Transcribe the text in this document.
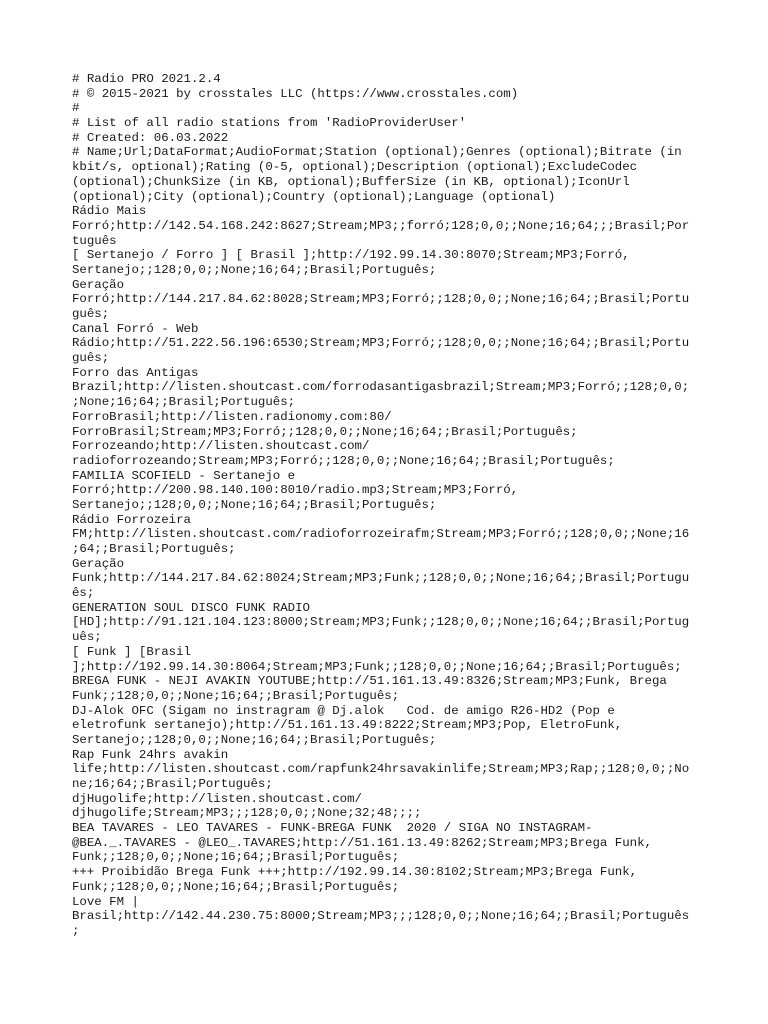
# Radio PRO 2021.2.4
# © 2015-2021 by crosstales LLC (https://www.crosstales.com)
#
# List of all radio stations from 'RadioProviderUser'
# Created: 06.03.2022
# Name;Url;DataFormat;AudioFormat;Station (optional);Genres (optional);Bitrate (in
kbit/s, optional);Rating (0-5, optional);Description (optional);ExcludeCodec
(optional);ChunkSize (in KB, optional);BufferSize (in KB, optional);IconUrl
(optional);City (optional);Country (optional);Language (optional)
Rádio Mais
Forró;http://142.54.168.242:8627;Stream;MP3;;forró;128;0,0;;None;16;64;;;Brasil;Por
tuguês
[ Sertanejo / Forro ] [ Brasil ];http://192.99.14.30:8070;Stream;MP3;Forró,
Sertanejo;;128;0,0;;None;16;64;;Brasil;Português;
Geração
Forró;http://144.217.84.62:8028;Stream;MP3;Forró;;128;0,0;;None;16;64;;Brasil;Portu
guês;
Canal Forró - Web
Rádio;http://51.222.56.196:6530;Stream;MP3;Forró;;128;0,0;;None;16;64;;Brasil;Portu
guês;
Forro das Antigas
Brazil;http://listen.shoutcast.com/forrodasantigasbrazil;Stream;MP3;Forró;;128;0,0;
;None;16;64;;Brasil;Português;
ForroBrasil;http://listen.radionomy.com:80/
ForroBrasil;Stream;MP3;Forró;;128;0,0;;None;16;64;;Brasil;Português;
Forrozeando;http://listen.shoutcast.com/
radioforrozeando;Stream;MP3;Forró;;128;0,0;;None;16;64;;Brasil;Português;
FAMILIA SCOFIELD - Sertanejo e
Forró;http://200.98.140.100:8010/radio.mp3;Stream;MP3;Forró,
Sertanejo;;128;0,0;;None;16;64;;Brasil;Português;
Rádio Forrozeira
FM;http://listen.shoutcast.com/radioforrozeirafm;Stream;MP3;Forró;;128;0,0;;None;16
;64;;Brasil;Português;
Geração
Funk;http://144.217.84.62:8024;Stream;MP3;Funk;;128;0,0;;None;16;64;;Brasil;Portugu
ês;
GENERATION SOUL DISCO FUNK RADIO
[HD];http://91.121.104.123:8000;Stream;MP3;Funk;;128;0,0;;None;16;64;;Brasil;Portug
uês;
[ Funk ] [Brasil
];http://192.99.14.30:8064;Stream;MP3;Funk;;128;0,0;;None;16;64;;Brasil;Português;
BREGA FUNK - NEJI AVAKIN YOUTUBE;http://51.161.13.49:8326;Stream;MP3;Funk, Brega
Funk;;128;0,0;;None;16;64;;Brasil;Português;
DJ-Alok OFC (Sigam no instragram @ Dj.alok   Cod. de amigo R26-HD2 (Pop e
eletrofunk sertanejo);http://51.161.13.49:8222;Stream;MP3;Pop, EletroFunk,
Sertanejo;;128;0,0;;None;16;64;;Brasil;Português;
Rap Funk 24hrs avakin
life;http://listen.shoutcast.com/rapfunk24hrsavakinlife;Stream;MP3;Rap;;128;0,0;;No
ne;16;64;;Brasil;Português;
djHugolife;http://listen.shoutcast.com/
djhugolife;Stream;MP3;;;128;0,0;;None;32;48;;;;
BEA TAVARES - LEO TAVARES - FUNK-BREGA FUNK  2020 / SIGA NO INSTAGRAM-
@BEA._.TAVARES - @LEO_.TAVARES;http://51.161.13.49:8262;Stream;MP3;Brega Funk,
Funk;;128;0,0;;None;16;64;;Brasil;Português;
+++ Proibidão Brega Funk +++;http://192.99.14.30:8102;Stream;MP3;Brega Funk,
Funk;;128;0,0;;None;16;64;;Brasil;Português;
Love FM |
Brasil;http://142.44.230.75:8000;Stream;MP3;;;128;0,0;;None;16;64;;Brasil;Português
;
